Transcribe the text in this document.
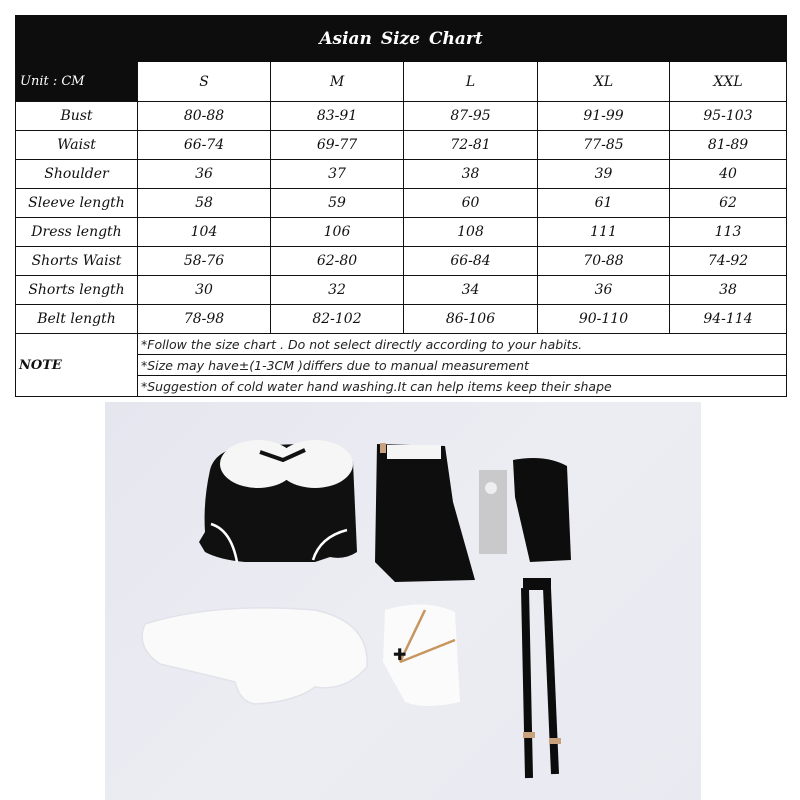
Asian Size Chart					
Unit : CM	S	M	L	XL	XXL
Bust	80-88	83-91	87-95	91-99	95-103
Waist	66-74	69-77	72-81	77-85	81-89
Shoulder	36	37	38	39	40
Sleeve length	58	59	60	61	62
Dress length	104	106	108	111	113
Shorts Waist	58-76	62-80	66-84	70-88	74-92
Shorts length	30	32	34	36	38
Belt length	78-98	82-102	86-106	90-110	94-114
NOTE	*Follow the size chart . Do not select directly according to your habits.				
	*Size may have±(1-3CM )differs due to manual measurement				
	*Suggestion of cold water hand washing.It can help items keep their shape				
✚
